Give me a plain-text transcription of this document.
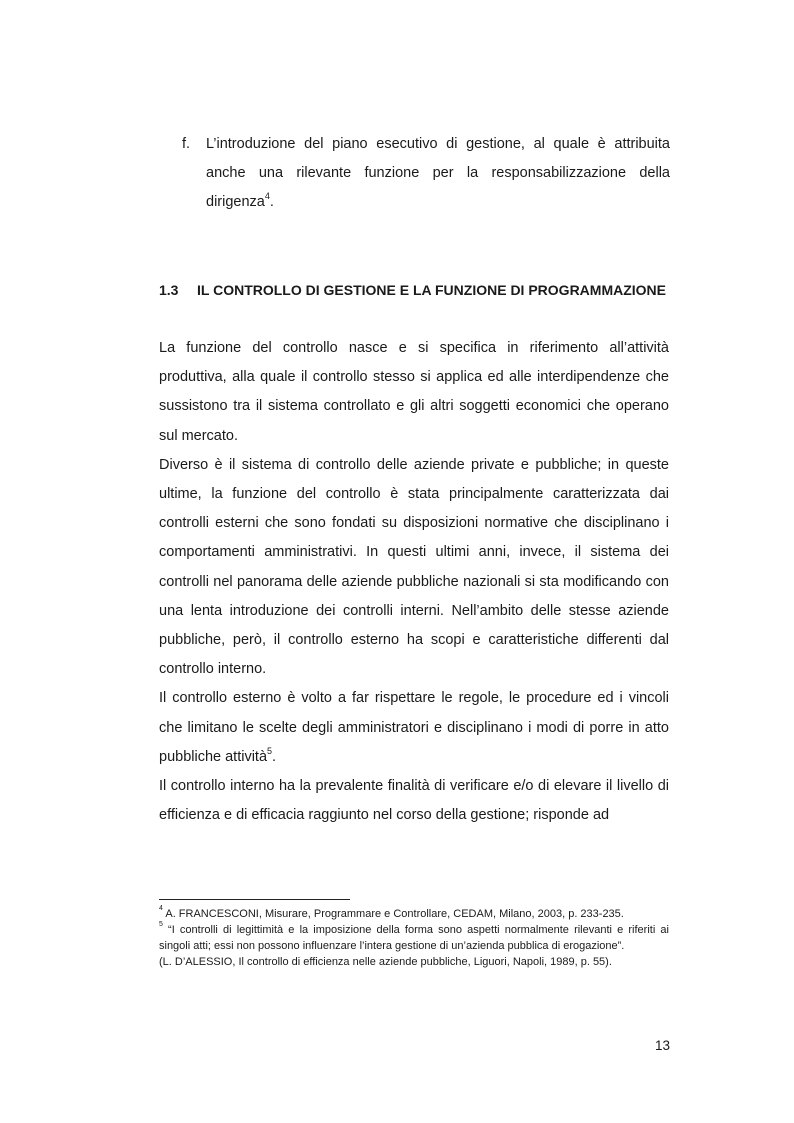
f. L’introduzione del piano esecutivo di gestione, al quale è attribuita anche una rilevante funzione per la responsabilizzazione della dirigenza$^4$.
1.3 IL CONTROLLO DI GESTIONE E LA FUNZIONE DI PROGRAMMAZIONE

La funzione del controllo nasce e si specifica in riferimento all’attività produttiva, alla quale il controllo stesso si applica ed alle interdipendenze che sussistono tra il sistema controllato e gli altri soggetti economici che operano sul mercato.

Diverso è il sistema di controllo delle aziende private e pubbliche; in queste ultime, la funzione del controllo è stata principalmente caratterizzata dai controlli esterni che sono fondati su disposizioni normative che disciplinano i comportamenti amministrativi. In questi ultimi anni, invece, il sistema dei controlli nel panorama delle aziende pubbliche nazionali si sta modificando con una lenta introduzione dei controlli interni. Nell’ambito delle stesse aziende pubbliche, però, il controllo esterno ha scopi e caratteristiche differenti dal controllo interno.

Il controllo esterno è volto a far rispettare le regole, le procedure ed i vincoli che limitano le scelte degli amministratori e disciplinano i modi di porre in atto pubbliche attività$^5$.

Il controllo interno ha la prevalente finalità di verificare e/o di elevare il livello di efficienza e di efficacia raggiunto nel corso della gestione; risponde ad

$^4$ A. FRANCESCONI, Misurare, Programmare e Controllare, CEDAM, Milano, 2003, p. 233-235.

$^5$ “I controlli di legittimità e la imposizione della forma sono aspetti normalmente rilevanti e riferiti ai singoli atti; essi non possono influenzare l’intera gestione di un’azienda pubblica di erogazione”.

(L. D’ALESSIO, Il controllo di efficienza nelle aziende pubbliche, Liguori, Napoli, 1989, p. 55).

13
